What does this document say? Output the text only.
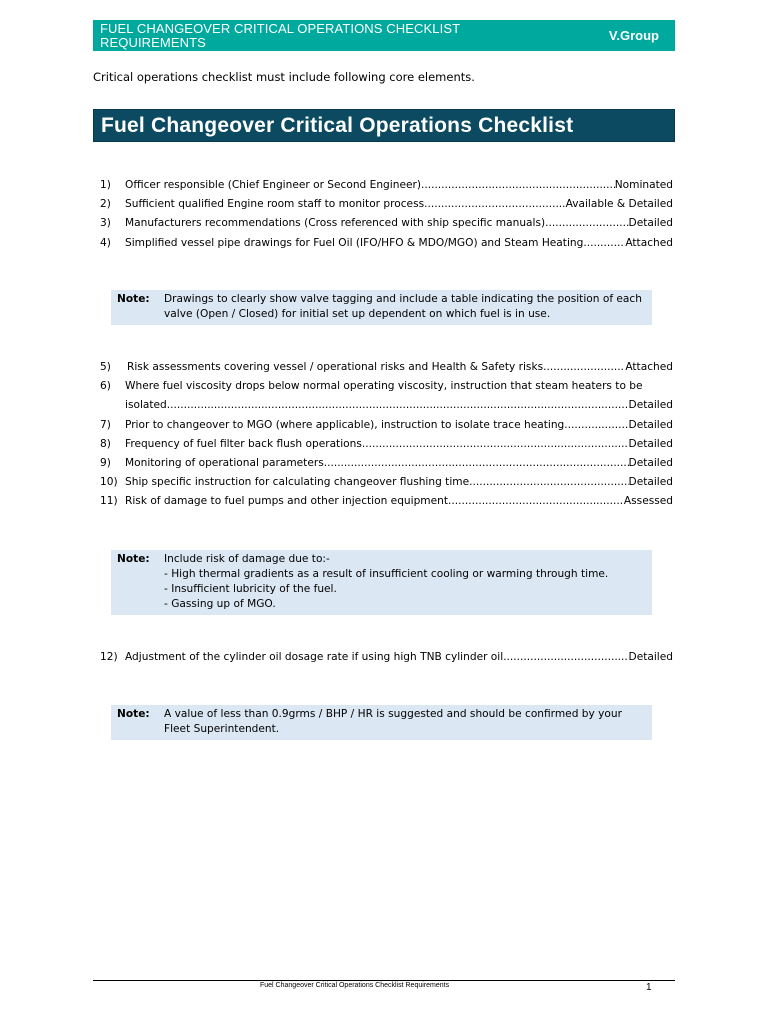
FUEL CHANGEOVER CRITICAL OPERATIONS CHECKLIST REQUIREMENTS	V.Group
Critical operations checklist must include following core elements.
Fuel Changeover Critical Operations Checklist
1)	Officer responsible (Chief Engineer or Second Engineer) .....	Nominated
2)	Sufficient qualified Engine room staff to monitor process .....	Available & Detailed
3)	Manufacturers recommendations (Cross referenced with ship specific manuals) .....	Detailed
4)	Simplified vessel pipe drawings for Fuel Oil (IFO/HFO & MDO/MGO) and Steam Heating .....	Attached
Note: Drawings to clearly show valve tagging and include a table indicating the position of each valve (Open / Closed) for initial set up dependent on which fuel is in use.
5)	Risk assessments covering vessel / operational risks and Health & Safety risks .....	Attached
6)	Where fuel viscosity drops below normal operating viscosity, instruction that steam heaters to be
isolated .....	Detailed
7)	Prior to changeover to MGO (where applicable), instruction to isolate trace heating .....	Detailed
8)	Frequency of fuel filter back flush operations .....	Detailed
9)	Monitoring of operational parameters .....	Detailed
10) Ship specific instruction for calculating changeover flushing time .....	Detailed
11) Risk of damage to fuel pumps and other injection equipment .....	Assessed
Note: Include risk of damage due to:-
- High thermal gradients as a result of insufficient cooling or warming through time.
- Insufficient lubricity of the fuel.
- Gassing up of MGO.
12) Adjustment of the cylinder oil dosage rate if using high TNB cylinder oil .....	Detailed
Note: A value of less than 0.9grms / BHP / HR is suggested and should be confirmed by your Fleet Superintendent.
Fuel Changeover Critical Operations Checklist Requirements	1
